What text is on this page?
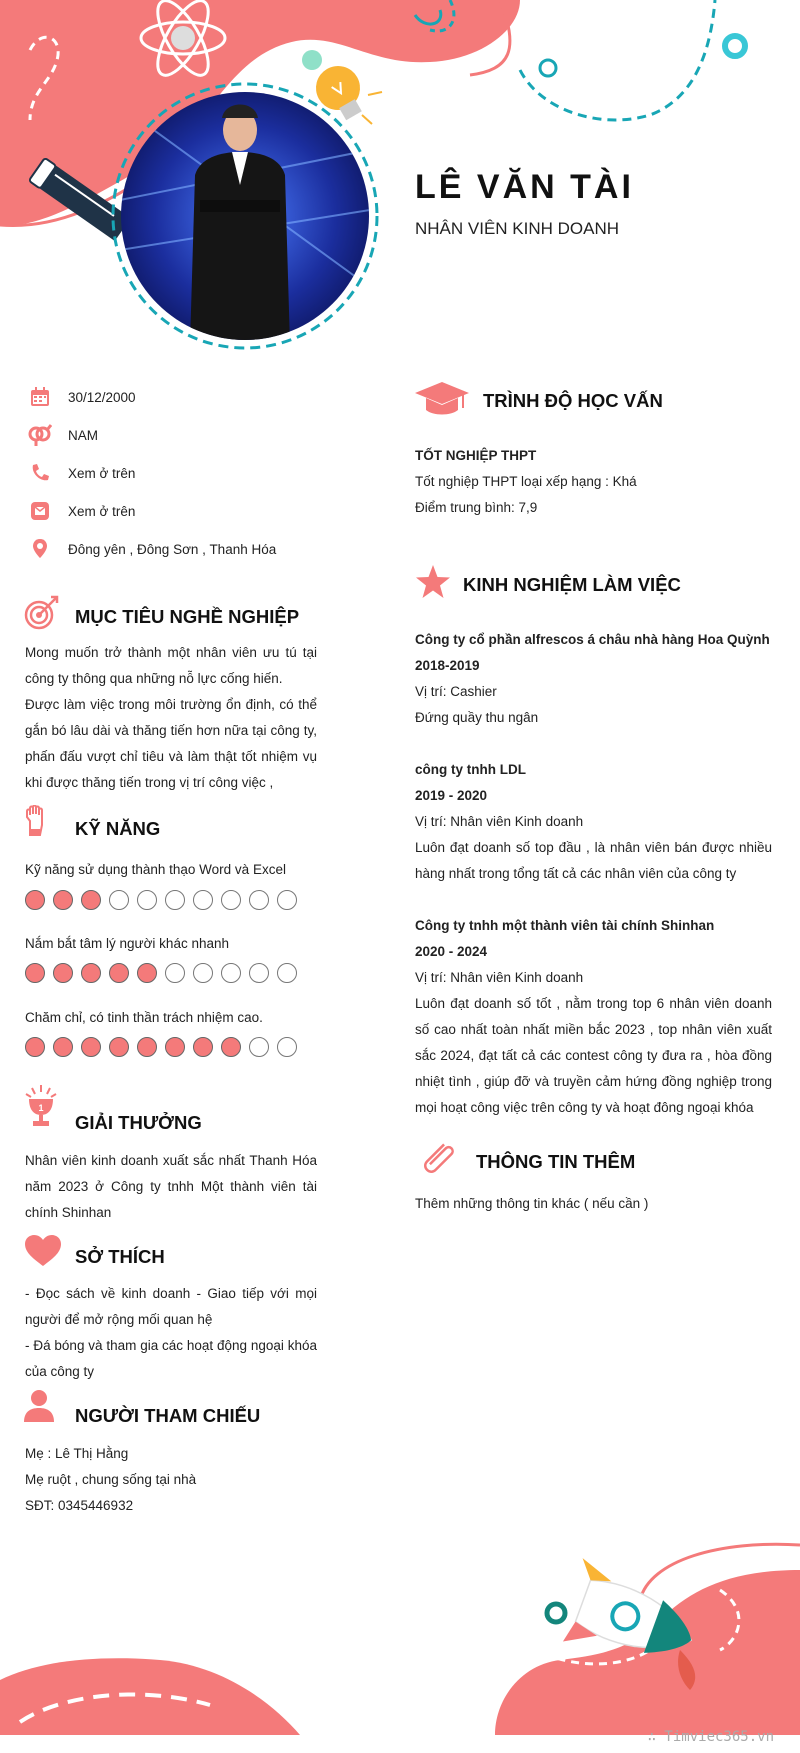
LÊ VĂN TÀI
NHÂN VIÊN KINH DOANH
30/12/2000
NAM
Xem ở trên
Xem ở trên
Đông yên , Đông Sơn , Thanh Hóa
MỤC TIÊU NGHỀ NGHIỆP

Mong muốn trở thành một nhân viên ưu tú tại công ty thông qua những nỗ lực cống hiến.

Được làm việc trong môi trường ổn định, có thể gắn bó lâu dài và thăng tiến hơn nữa tại công ty, phấn đấu vượt chỉ tiêu và làm thật tốt nhiệm vụ khi được thăng tiến trong vị trí công việc ,

KỸ NĂNG
Kỹ năng sử dụng thành thạo Word và Excel
Nắm bắt tâm lý người khác nhanh
Chăm chỉ, có tinh thần trách nhiệm cao.
1
GIẢI THƯỞNG
Nhân viên kinh doanh xuất sắc nhất Thanh Hóa năm 2023 ở Công ty tnhh Một thành viên tài chính Shinhan
SỞ THÍCH

- Đọc sách về kinh doanh - Giao tiếp với mọi người để mở rộng mối quan hệ

- Đá bóng và tham gia các hoạt động ngoại khóa của công ty

NGƯỜI THAM CHIẾU

Mẹ : Lê Thị Hằng

Mẹ ruột , chung sống tại nhà

SĐT: 0345446932

TRÌNH ĐỘ HỌC VẤN

TỐT NGHIỆP THPT

Tốt nghiệp THPT loại xếp hạng : Khá

Điểm trung bình: 7,9

KINH NGHIỆM LÀM VIỆC

Công ty cổ phần alfrescos á châu nhà hàng Hoa Quỳnh

2018-2019

Vị trí: Cashier

Đứng quầy thu ngân

công ty tnhh LDL

2019 - 2020

Vị trí: Nhân viên Kinh doanh

Luôn đạt doanh số top đầu , là nhân viên bán được nhiều hàng nhất trong tổng tất cả các nhân viên của công ty

Công ty tnhh một thành viên tài chính Shinhan

2020 - 2024

Vị trí: Nhân viên Kinh doanh

Luôn đạt doanh số tốt , nằm trong top 6 nhân viên doanh số cao nhất toàn nhất miền bắc 2023 , top nhân viên xuất sắc 2024, đạt tất cả các contest công ty đưa ra , hòa đồng nhiệt tình , giúp đỡ và truyền cảm hứng đồng nghiệp trong mọi hoạt công việc trên công ty và hoạt đông ngoại khóa

THÔNG TIN THÊM
Thêm những thông tin khác ( nếu cần )
∴ Timviec365.vn
